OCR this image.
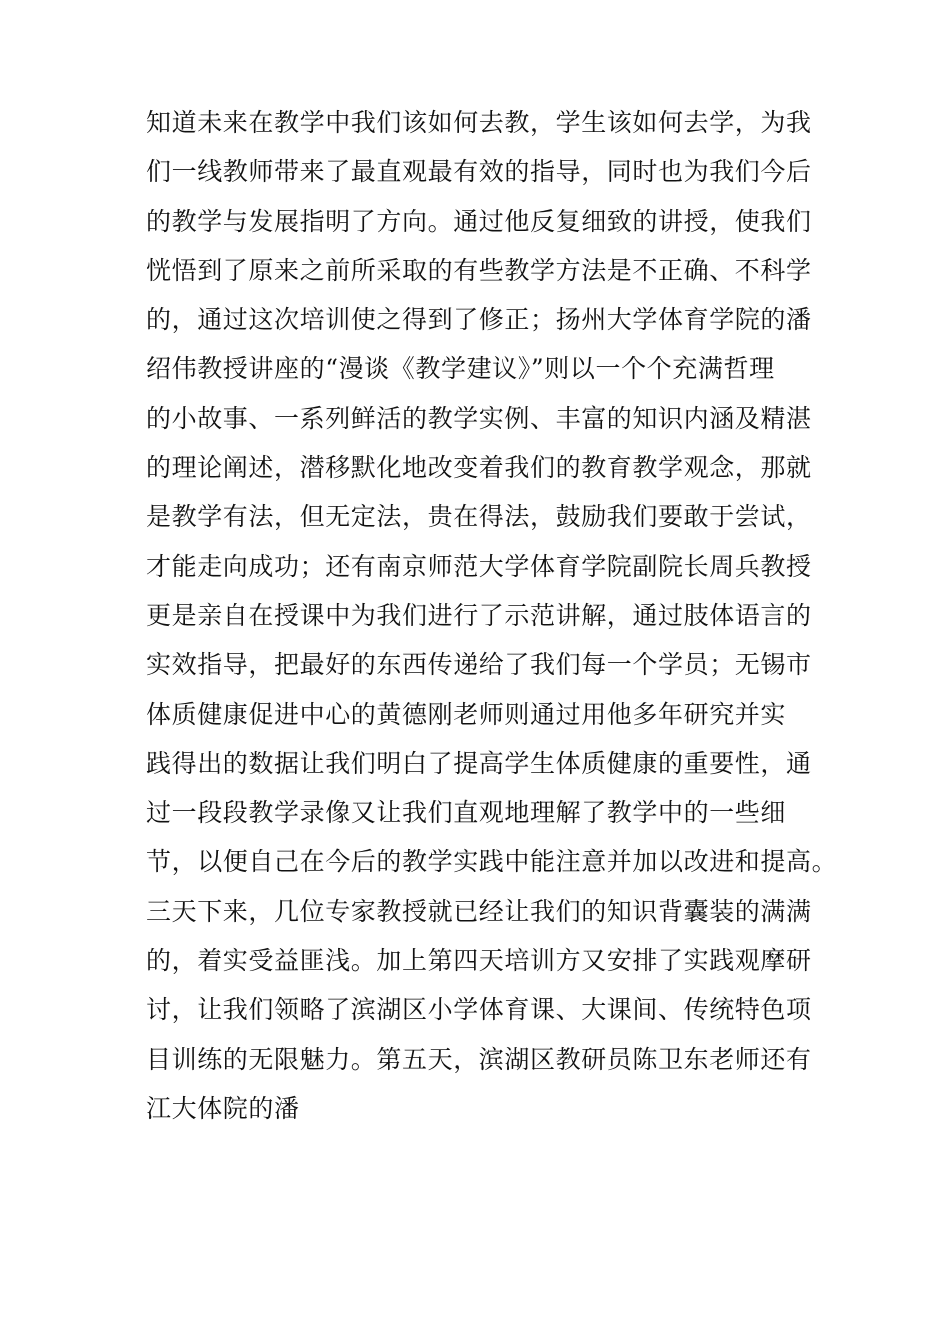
知道未来在教学中我们该如何去教，学生该如何去学，为我
们一线教师带来了最直观最有效的指导，同时也为我们今后
的教学与发展指明了方向。通过他反复细致的讲授，使我们
恍悟到了原来之前所采取的有些教学方法是不正确、不科学
的，通过这次培训使之得到了修正；扬州大学体育学院的潘
绍伟教授讲座的“漫谈《教学建议》”则以一个个充满哲理
的小故事、一系列鲜活的教学实例、丰富的知识内涵及精湛
的理论阐述，潜移默化地改变着我们的教育教学观念，那就
是教学有法，但无定法，贵在得法，鼓励我们要敢于尝试，
才能走向成功；还有南京师范大学体育学院副院长周兵教授
更是亲自在授课中为我们进行了示范讲解，通过肢体语言的
实效指导，把最好的东西传递给了我们每一个学员；无锡市
体质健康促进中心的黄德刚老师则通过用他多年研究并实
践得出的数据让我们明白了提高学生体质健康的重要性，通
过一段段教学录像又让我们直观地理解了教学中的一些细
节，以便自己在今后的教学实践中能注意并加以改进和提高。
三天下来，几位专家教授就已经让我们的知识背囊装的满满
的，着实受益匪浅。加上第四天培训方又安排了实践观摩研
讨，让我们领略了滨湖区小学体育课、大课间、传统特色项
目训练的无限魅力。第五天，滨湖区教研员陈卫东老师还有
江大体院的潘
